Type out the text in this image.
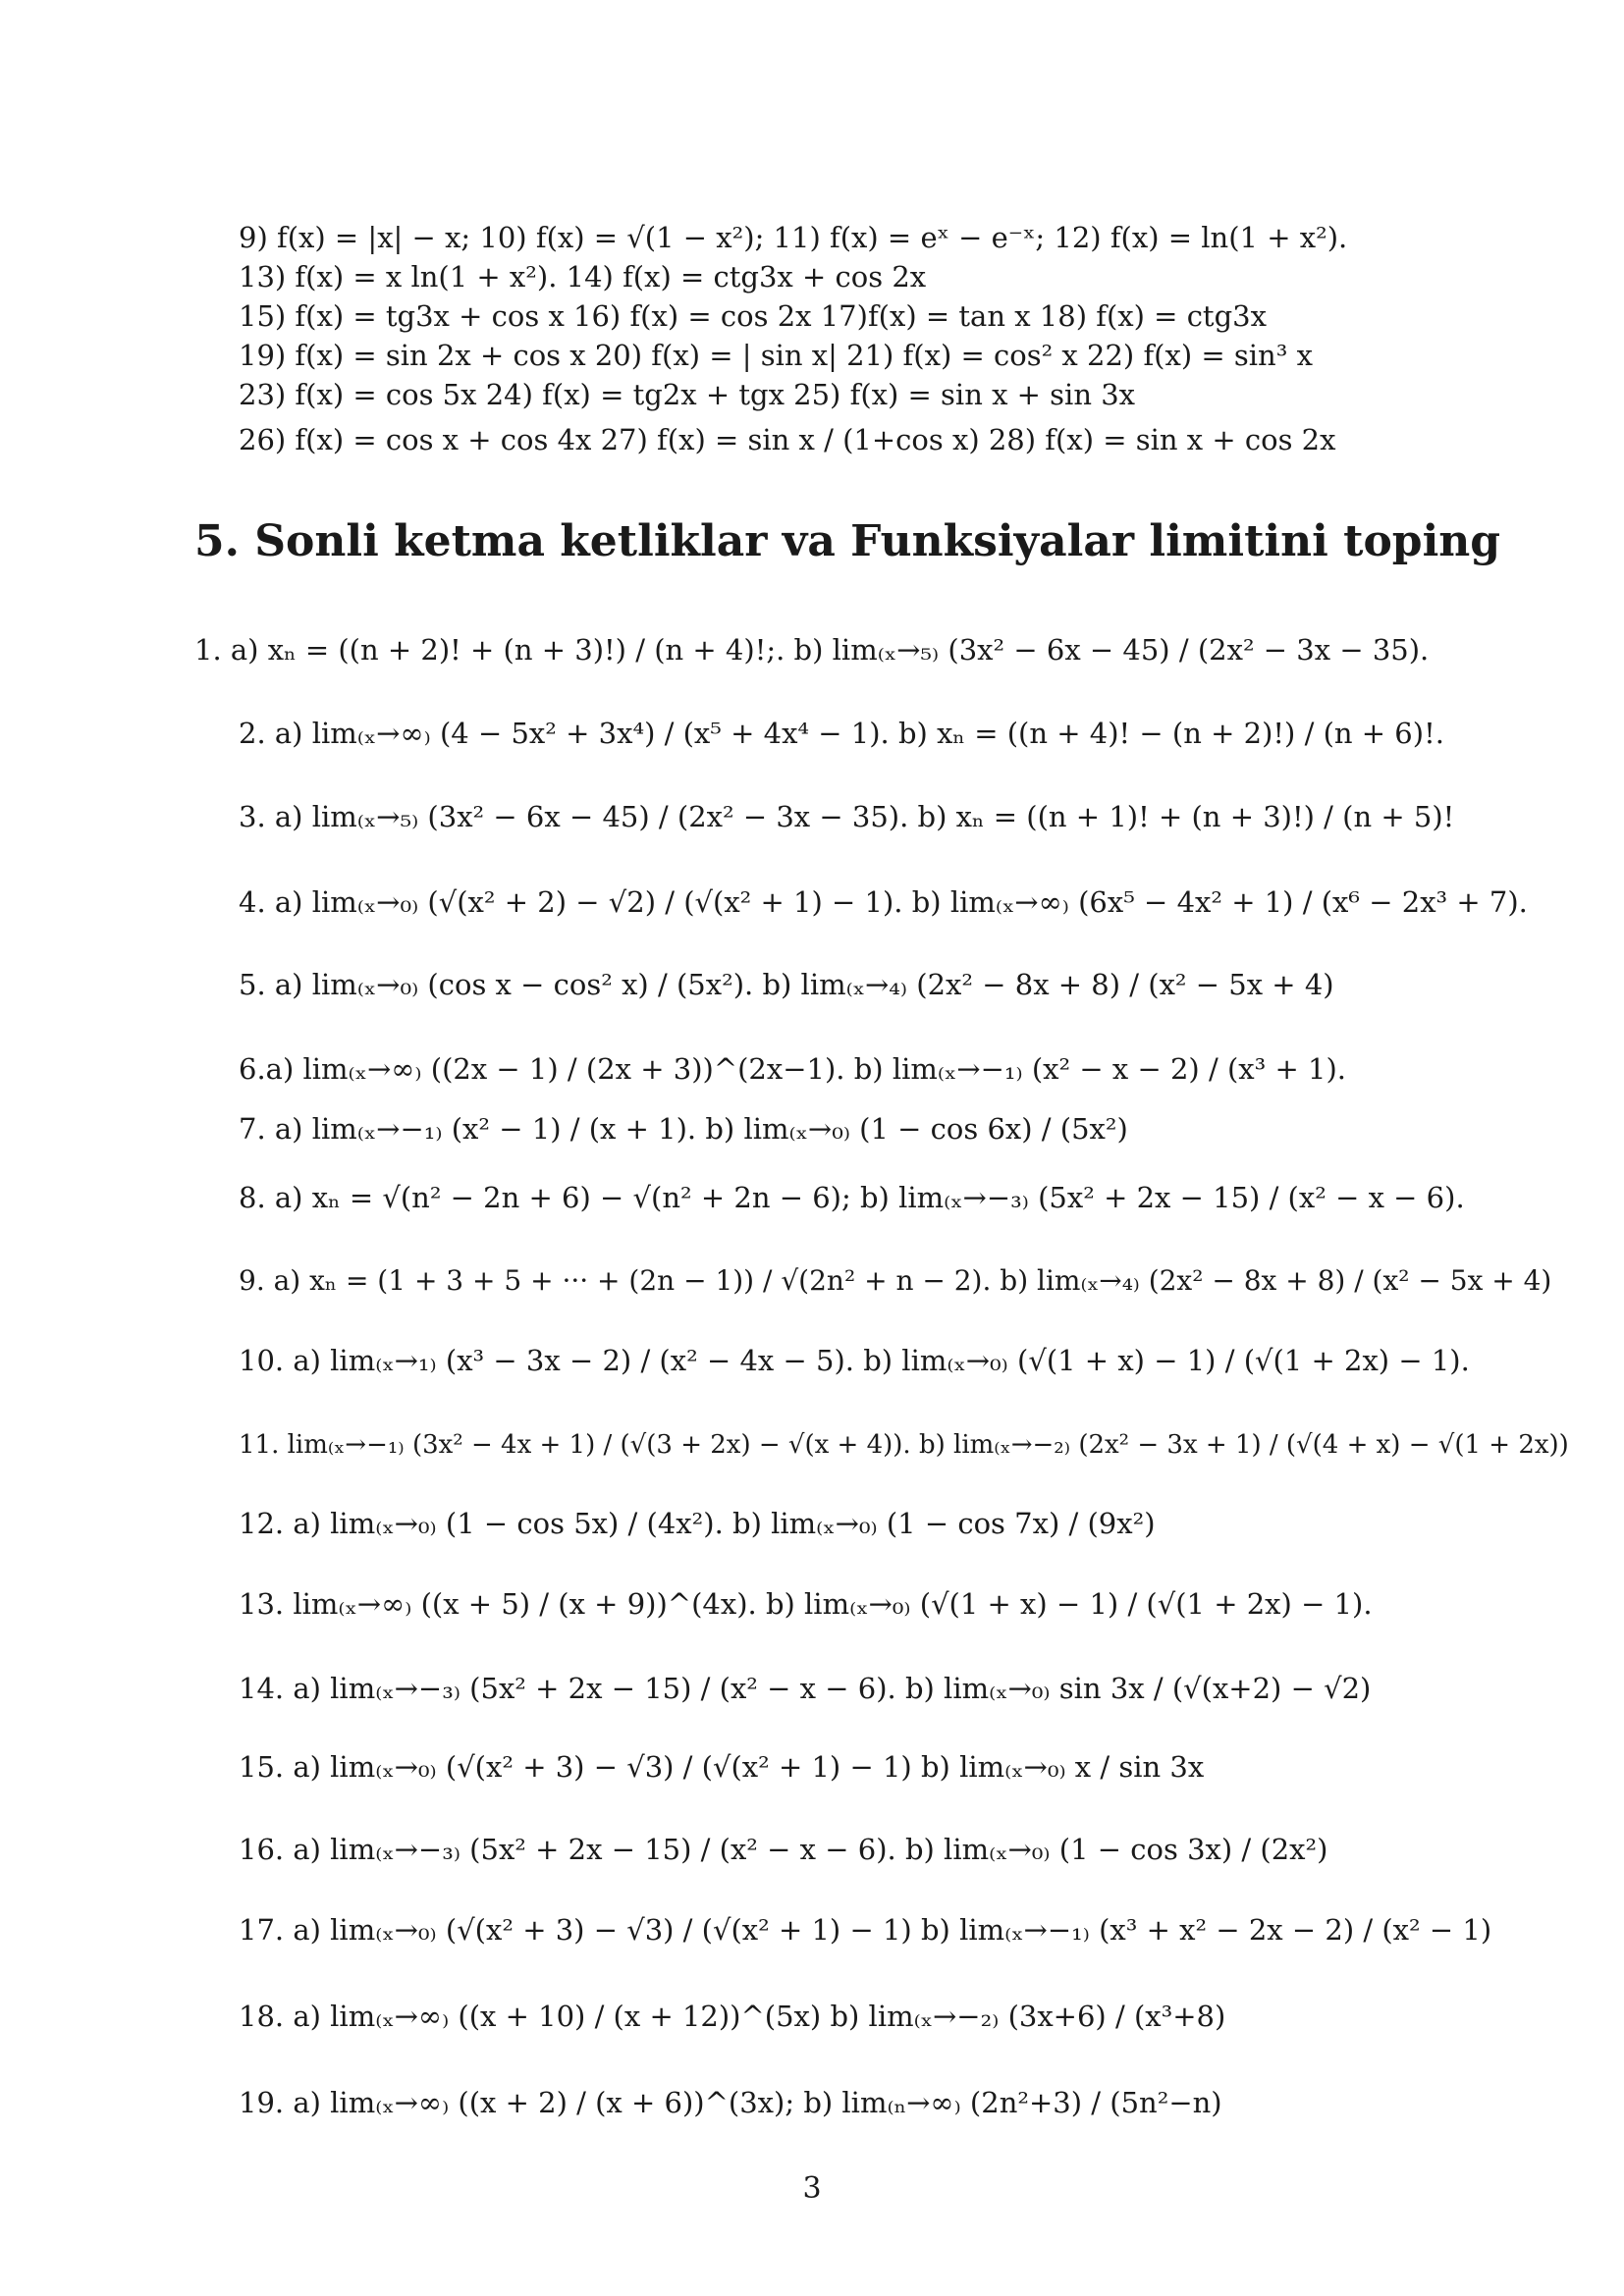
9) f(x) = |x| − x; 10) f(x) = √(1 − x²); 11) f(x) = eˣ − e⁻ˣ; 12) f(x) = ln(1 + x²).
13) f(x) = x ln(1 + x²). 14) f(x) = ctg3x + cos 2x
15) f(x) = tg3x + cos x 16) f(x) = cos 2x 17)f(x) = tan x 18) f(x) = ctg3x
19) f(x) = sin 2x + cos x 20) f(x) = | sin x| 21) f(x) = cos² x 22) f(x) = sin³ x
23) f(x) = cos 5x 24) f(x) = tg2x + tgx 25) f(x) = sin x + sin 3x
26) f(x) = cos x + cos 4x 27) f(x) = sin x / (1+cos x) 28) f(x) = sin x + cos 2x
5. Sonli ketma ketliklar va Funksiyalar limitini toping
1. a) xₙ = ((n + 2)! + (n + 3)!) / (n + 4)!;. b) lim₍ₓ→₅₎ (3x² − 6x − 45) / (2x² − 3x − 35).
2. a) lim₍ₓ→∞₎ (4 − 5x² + 3x⁴) / (x⁵ + 4x⁴ − 1). b) xₙ = ((n + 4)! − (n + 2)!) / (n + 6)!.
3. a) lim₍ₓ→₅₎ (3x² − 6x − 45) / (2x² − 3x − 35). b) xₙ = ((n + 1)! + (n + 3)!) / (n + 5)!
4. a) lim₍ₓ→₀₎ (√(x² + 2) − √2) / (√(x² + 1) − 1). b) lim₍ₓ→∞₎ (6x⁵ − 4x² + 1) / (x⁶ − 2x³ + 7).
5. a) lim₍ₓ→₀₎ (cos x − cos² x) / (5x²). b) lim₍ₓ→₄₎ (2x² − 8x + 8) / (x² − 5x + 4)
6.a) lim₍ₓ→∞₎ ((2x − 1) / (2x + 3))^(2x−1). b) lim₍ₓ→−₁₎ (x² − x − 2) / (x³ + 1).
7. a) lim₍ₓ→−₁₎ (x² − 1) / (x + 1). b) lim₍ₓ→₀₎ (1 − cos 6x) / (5x²)
8. a) xₙ = √(n² − 2n + 6) − √(n² + 2n − 6); b) lim₍ₓ→−₃₎ (5x² + 2x − 15) / (x² − x − 6).
9. a) xₙ = (1 + 3 + 5 + ··· + (2n − 1)) / √(2n² + n − 2). b) lim₍ₓ→₄₎ (2x² − 8x + 8) / (x² − 5x + 4)
10. a) lim₍ₓ→₁₎ (x³ − 3x − 2) / (x² − 4x − 5). b) lim₍ₓ→₀₎ (√(1 + x) − 1) / (√(1 + 2x) − 1).
11. lim₍ₓ→−₁₎ (3x² − 4x + 1) / (√(3 + 2x) − √(x + 4)). b) lim₍ₓ→−₂₎ (2x² − 3x + 1) / (√(4 + x) − √(1 + 2x))
12. a) lim₍ₓ→₀₎ (1 − cos 5x) / (4x²). b) lim₍ₓ→₀₎ (1 − cos 7x) / (9x²)
13. lim₍ₓ→∞₎ ((x + 5) / (x + 9))^(4x). b) lim₍ₓ→₀₎ (√(1 + x) − 1) / (√(1 + 2x) − 1).
14. a) lim₍ₓ→−₃₎ (5x² + 2x − 15) / (x² − x − 6). b) lim₍ₓ→₀₎ sin 3x / (√(x+2) − √2)
15. a) lim₍ₓ→₀₎ (√(x² + 3) − √3) / (√(x² + 1) − 1) b) lim₍ₓ→₀₎ x / sin 3x
16. a) lim₍ₓ→−₃₎ (5x² + 2x − 15) / (x² − x − 6). b) lim₍ₓ→₀₎ (1 − cos 3x) / (2x²)
17. a) lim₍ₓ→₀₎ (√(x² + 3) − √3) / (√(x² + 1) − 1) b) lim₍ₓ→−₁₎ (x³ + x² − 2x − 2) / (x² − 1)
18. a) lim₍ₓ→∞₎ ((x + 10) / (x + 12))^(5x) b) lim₍ₓ→−₂₎ (3x+6) / (x³+8)
19. a) lim₍ₓ→∞₎ ((x + 2) / (x + 6))^(3x); b) lim₍ₙ→∞₎ (2n²+3) / (5n²−n)
3
